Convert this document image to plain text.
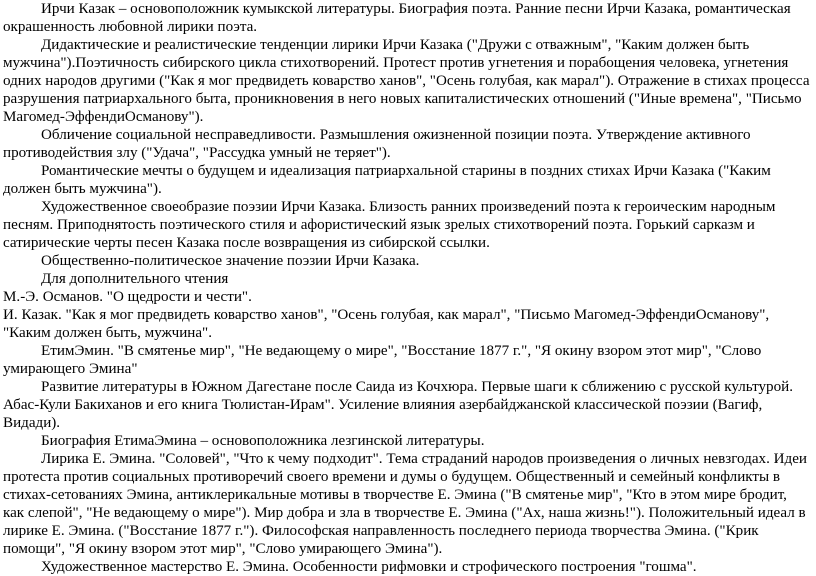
Ирчи Казак – основоположник кумыкской литературы. Биография поэта. Ранние песни Ирчи Казака, романтическая окрашенность любовной лирики поэта.

Дидактические и реалистические тенденции лирики Ирчи Казака ("Дружи с отважным", "Каким должен быть мужчина").Поэтичность сибирского цикла стихотворений. Протест против угнетения и порабощения человека, угнетения одних народов другими ("Как я мог предвидеть коварство ханов", "Осень голубая, как марал"). Отражение в стихах процесса разрушения патриархального быта, проникновения в него новых капиталистических отношений ("Иные времена", "Письмо Магомед-ЭффендиОсманову").

Обличение социальной несправедливости. Размышления ожизненной позиции поэта. Утверждение активного противодействия злу ("Удача", "Рассудка умный не теряет").

Романтические мечты о будущем и идеализация патриархальной старины в поздних стихах Ирчи Казака ("Каким должен быть мужчина").

Художественное своеобразие поэзии Ирчи Казака. Близость ранних произведений поэта к героическим народным песням. Приподнятость поэтического стиля и афористический язык зрелых стихотворений поэта. Горький сарказм и сатирические черты песен Казака после возвращения из сибирской ссылки.

Общественно-политическое значение поэзии Ирчи Казака.

Для дополнительного чтения

М.-Э. Османов. "О щедрости и чести".

И. Казак. "Как я мог предвидеть коварство ханов", "Осень голубая, как марал", "Письмо Магомед-ЭффендиОсманову", "Каким должен быть, мужчина".

ЕтимЭмин. "В смятенье мир", "Не ведающему о мире", "Восстание 1877 г.", "Я окину взором этот мир", "Слово умирающего Эмина"

Развитие литературы в Южном Дагестане после Саида из Кочхюра. Первые шаги к сближению с русской культурой. Абас-Кули Бакиханов и его книга Тюлистан-Ирам". Усиление влияния азербайджанской классической поэзии (Вагиф, Видади).

Биография ЕтимаЭмина – основоположника лезгинской литературы.

Лирика Е. Эмина. "Соловей", "Что к чему подходит". Тема страданий народов произведения о личных невзгодах. Идеи протеста против социальных противоречий своего времени и думы о будущем. Общественный и семейный конфликты в стихах-сетованиях Эмина, антиклерикальные мотивы в творчестве Е. Эмина ("В смятенье мир", "Кто в этом мире бродит, как слепой", "Не ведающему о мире"). Мир добра и зла в творчестве Е. Эмина ("Ах, наша жизнь!"). Положительный идеал в лирике Е. Эмина. ("Восстание 1877 г."). Философская направленность последнего периода творчества Эмина. ("Крик помощи", "Я окину взором этот мир", "Слово умирающего Эмина").

Художественное мастерство Е. Эмина. Особенности рифмовки и строфического построения "гошма".
